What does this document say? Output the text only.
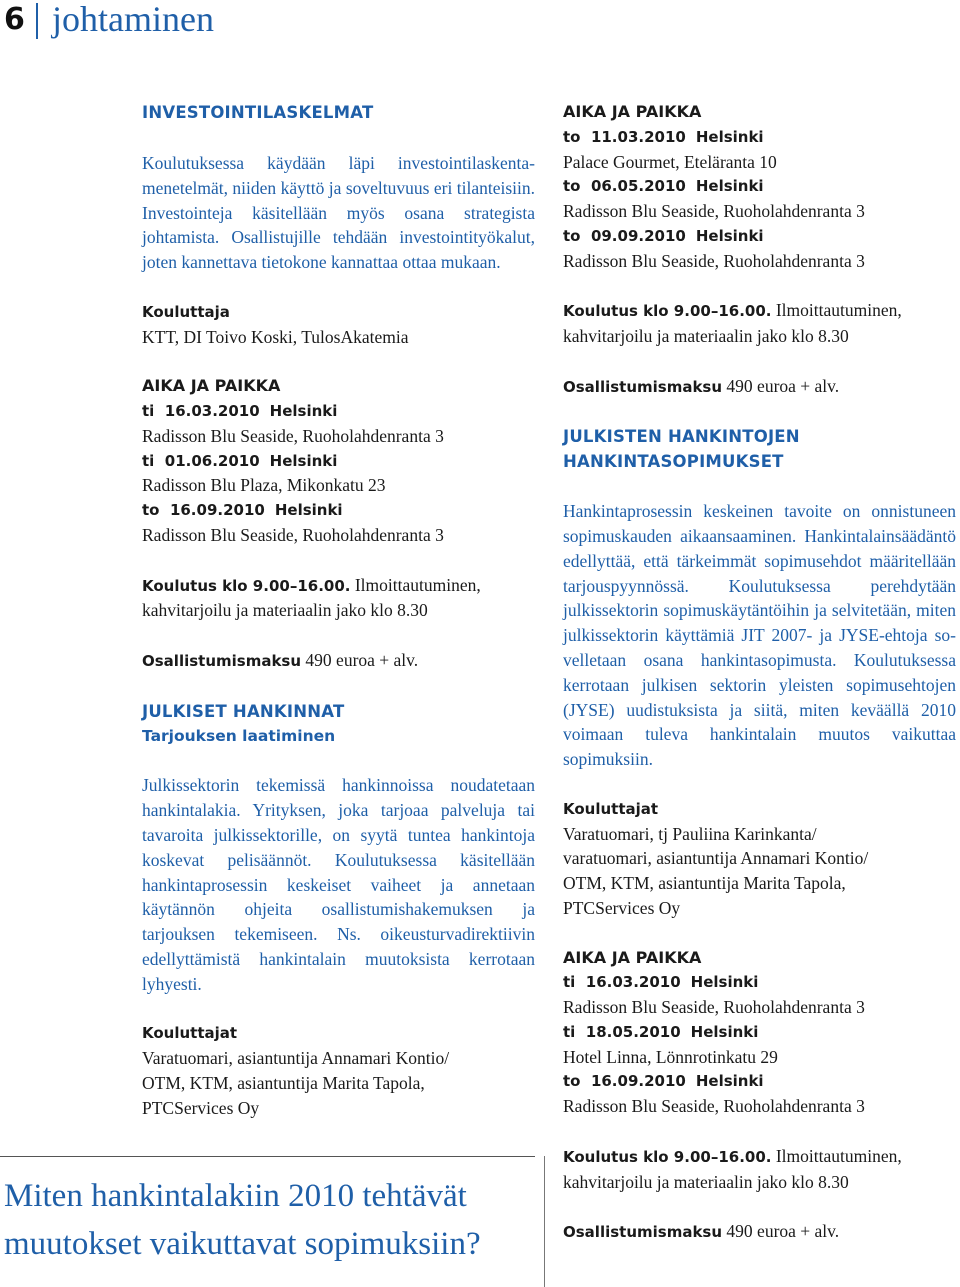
6 johtaminen

INVESTOINTILASKELMAT

Koulutuksessa käydään läpi investointilaskentamenetelmät, niiden käyttö ja soveltuvuus eri tilanteisiin. Investointeja käsitellään myös osana strategista johtamista. Osallistujille tehdään investointityökalut, joten kannettava tietokone kannattaa ottaa mukaan.

Kouluttaja

KTT, DI Toivo Koski, TulosAkatemia

AIKA JA PAIKKA

ti 16.03.2010 Helsinki

Radisson Blu Seaside, Ruoholahdenranta 3

ti 01.06.2010 Helsinki

Radisson Blu Plaza, Mikonkatu 23

to 16.09.2010 Helsinki

Radisson Blu Seaside, Ruoholahdenranta 3

Koulutus klo 9.00–16.00. Ilmoittautuminen,

kahvitarjoilu ja materiaalin jako klo 8.30

Osallistumismaksu 490 euroa + alv.

JULKISET HANKINNAT

Tarjouksen laatiminen

Julkissektorin tekemissä hankinnoissa noudatetaan hankintalakia. Yrityksen, joka tarjoaa palveluja tai tavaroita julkissektorille, on syytä tuntea hankintoja koskevat pelisäännöt. Koulutuksessa käsitellään hankintaprosessin keskeiset vaiheet ja annetaan käytännön ohjeita osallistumishakemuksen ja tarjouksen tekemiseen. Ns. oikeusturvadirektiivin edellyttämistä hankintalain muutoksista kerrotaan lyhyesti.

Kouluttajat

Varatuomari, asiantuntija Annamari Kontio/

OTM, KTM, asiantuntija Marita Tapola,

PTCServices Oy

Miten hankintalakiin 2010 tehtävät muutokset vaikuttavat sopimuksiin?

AIKA JA PAIKKA

to 11.03.2010 Helsinki

Palace Gourmet, Eteläranta 10

to 06.05.2010 Helsinki

Radisson Blu Seaside, Ruoholahdenranta 3

to 09.09.2010 Helsinki

Radisson Blu Seaside, Ruoholahdenranta 3

Koulutus klo 9.00–16.00. Ilmoittautuminen,

kahvitarjoilu ja materiaalin jako klo 8.30

Osallistumismaksu 490 euroa + alv.

JULKISTEN HANKINTOJEN

HANKINTASOPIMUKSET

Hankintaprosessin keskeinen tavoite on onnistuneen sopimuskauden aikaansaaminen. Hankintalainsäädäntö edellyttää, että tärkeimmät sopimusehdot määritellään tarjouspyynnössä. Koulutuksessa perehdytään julkissektorin sopimuskäytäntöihin ja selvitetään, miten julkissektorin käyttämiä JIT 2007- ja JYSE-ehtoja sovelletaan osana hankintasopimusta. Koulutuksessa kerrotaan julkisen sektorin yleisten sopimusehtojen (JYSE) uudistuksista ja siitä, miten keväällä 2010 voimaan tuleva hankintalain muutos vaikuttaa sopimuksiin.

Kouluttajat

Varatuomari, tj Pauliina Karinkanta/

varatuomari, asiantuntija Annamari Kontio/

OTM, KTM, asiantuntija Marita Tapola,

PTCServices Oy

AIKA JA PAIKKA

ti 16.03.2010 Helsinki

Radisson Blu Seaside, Ruoholahdenranta 3

ti 18.05.2010 Helsinki

Hotel Linna, Lönnrotinkatu 29

to 16.09.2010 Helsinki

Radisson Blu Seaside, Ruoholahdenranta 3

Koulutus klo 9.00–16.00. Ilmoittautuminen,

kahvitarjoilu ja materiaalin jako klo 8.30

Osallistumismaksu 490 euroa + alv.
